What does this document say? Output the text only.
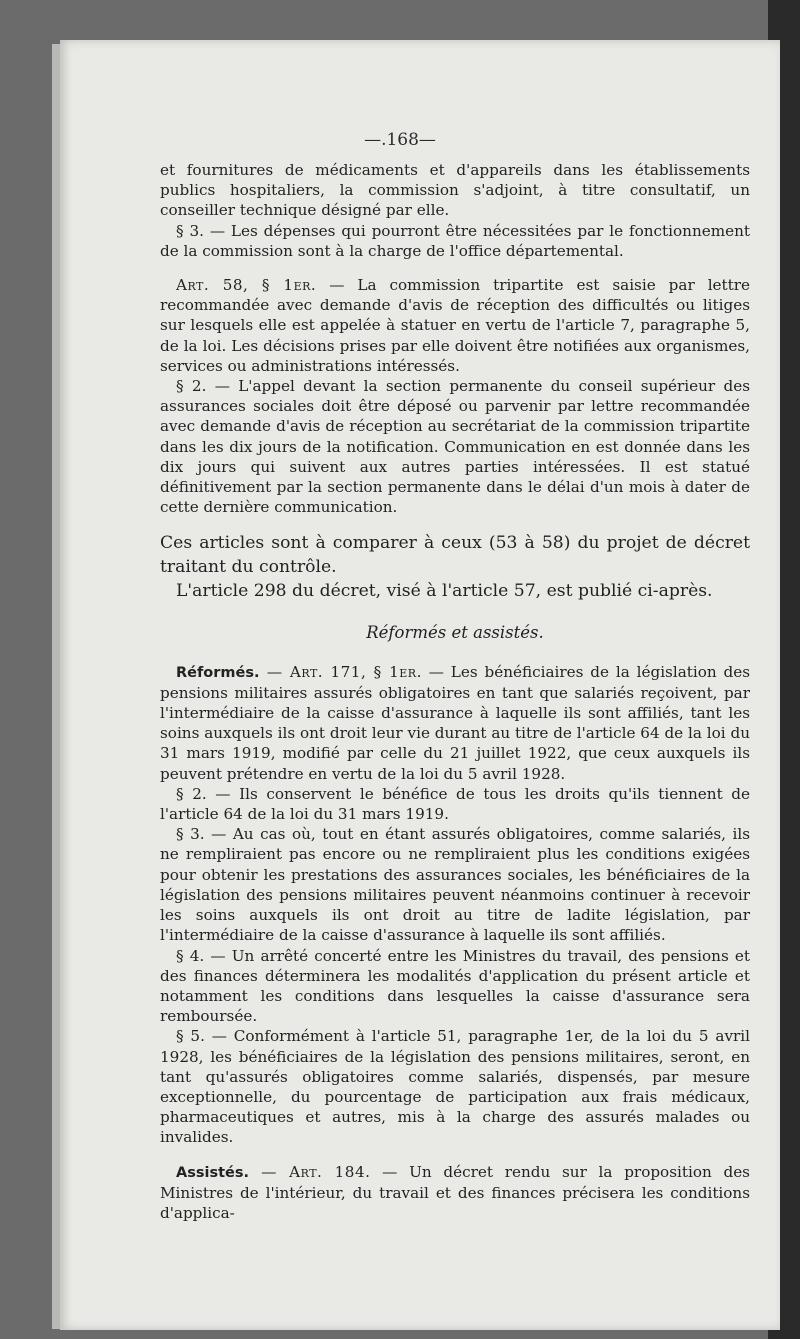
—.168—

et fournitures de médicaments et d'appareils dans les établissements publics hospitaliers, la commission s'adjoint, à titre consultatif, un conseiller technique désigné par elle.

§ 3. — Les dépenses qui pourront être nécessitées par le fonctionnement de la commission sont à la charge de l'office départemental.

Art. 58, § 1er. — La commission tripartite est saisie par lettre recommandée avec demande d'avis de réception des difficultés ou litiges sur lesquels elle est appelée à statuer en vertu de l'article 7, paragraphe 5, de la loi. Les décisions prises par elle doivent être notifiées aux organismes, services ou administrations intéressés.

§ 2. — L'appel devant la section permanente du conseil supérieur des assurances sociales doit être déposé ou parvenir par lettre recommandée avec demande d'avis de réception au secrétariat de la commission tripartite dans les dix jours de la notification. Communication en est donnée dans les dix jours qui suivent aux autres parties intéressées. Il est statué définitivement par la section permanente dans le délai d'un mois à dater de cette dernière communication.

Ces articles sont à comparer à ceux (53 à 58) du projet de décret traitant du contrôle.

L'article 298 du décret, visé à l'article 57, est publié ci-après.

Réformés et assistés.

Réformés. — Art. 171, § 1er. — Les bénéficiaires de la législation des pensions militaires assurés obligatoires en tant que salariés reçoivent, par l'intermédiaire de la caisse d'assurance à laquelle ils sont affiliés, tant les soins auxquels ils ont droit leur vie durant au titre de l'article 64 de la loi du 31 mars 1919, modifié par celle du 21 juillet 1922, que ceux auxquels ils peuvent prétendre en vertu de la loi du 5 avril 1928.

§ 2. — Ils conservent le bénéfice de tous les droits qu'ils tiennent de l'article 64 de la loi du 31 mars 1919.

§ 3. — Au cas où, tout en étant assurés obligatoires, comme salariés, ils ne rempliraient pas encore ou ne rempliraient plus les conditions exigées pour obtenir les prestations des assurances sociales, les bénéficiaires de la législation des pensions militaires peuvent néanmoins continuer à recevoir les soins auxquels ils ont droit au titre de ladite législation, par l'intermédiaire de la caisse d'assurance à laquelle ils sont affiliés.

§ 4. — Un arrêté concerté entre les Ministres du travail, des pensions et des finances déterminera les modalités d'application du présent article et notamment les conditions dans lesquelles la caisse d'assurance sera remboursée.

§ 5. — Conformément à l'article 51, paragraphe 1er, de la loi du 5 avril 1928, les bénéficiaires de la législation des pensions militaires, seront, en tant qu'assurés obligatoires comme salariés, dispensés, par mesure exceptionnelle, du pourcentage de participation aux frais médicaux, pharmaceutiques et autres, mis à la charge des assurés malades ou invalides.

Assistés. — Art. 184. — Un décret rendu sur la proposition des Ministres de l'intérieur, du travail et des finances précisera les conditions d'applica-
